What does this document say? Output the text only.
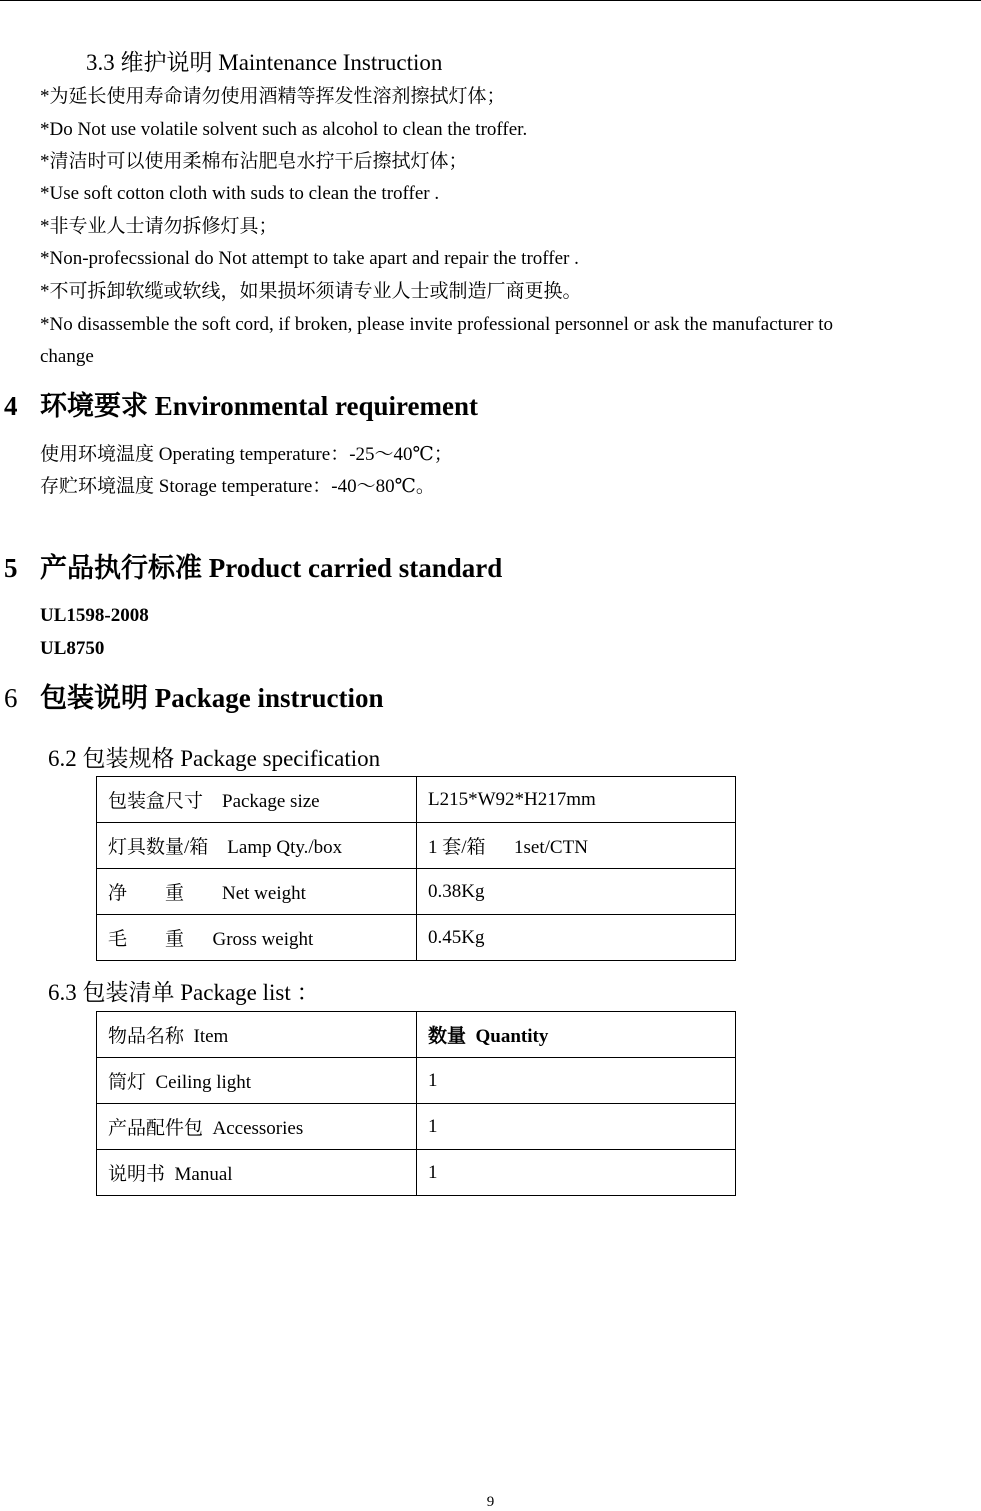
3.3 维护说明 Maintenance Instruction
*为延长使用寿命请勿使用酒精等挥发性溶剂擦拭灯体；
*Do Not use volatile solvent such as alcohol to clean the troffer.
*清洁时可以使用柔棉布沾肥皂水拧干后擦拭灯体；
*Use soft cotton cloth with suds to clean the troffer .
*非专业人士请勿拆修灯具；
*Non-profecssional do Not attempt to take apart and repair the troffer .
*不可拆卸软缆或软线，如果损坏须请专业人士或制造厂商更换。
*No disassemble the soft cord, if broken, please invite professional personnel or ask the manufacturer to
change
4 环境要求 Environmental requirement
使用环境温度 Operating temperature：-25～40℃；
存贮环境温度 Storage temperature：-40～80℃。
5 产品执行标准 Product carried standard
UL1598-2008
UL8750
6 包装说明 Package instruction
6.2 包装规格 Package specification
包装盒尺寸    Package size	L215*W92*H217mm
灯具数量/箱    Lamp Qty./box	1 套/箱      1set/CTN
净        重        Net weight	0.38Kg
毛        重      Gross weight	0.45Kg
6.3 包装清单 Package list ：
物品名称  Item	数量  Quantity
筒灯  Ceiling light	1
产品配件包  Accessories	1
说明书  Manual	1
9
